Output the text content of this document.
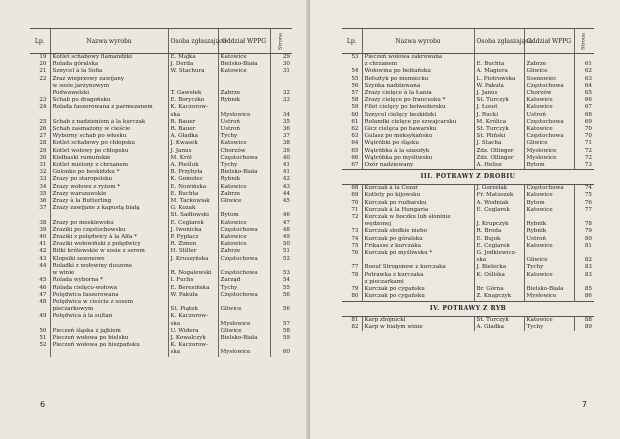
Lp.	Nazwa wyrobu	Osoba zgłaszająca	Oddział WPPG	Strona
19	Kotlet schabowy flamandzki	E. Majka	Katowice	29
20	Rolada góralska	J. Derda	Bielsko-Biała	30
21	Sznycel à la Sofia	W. Stachura	Katowice	31
22	Zraz wieprzowy zawijany			
	w sosie jarzynowym			
	Podwawelski	T. Gawełek	Zabrze	32
23	Schab po dragońsku	E. Boryczko	Rybnik	33
24	Rolada faszerowana z parmezanem	K. Kaczorow-		
		ska	Mysłowice	34
25	Schab z nadzieniem à la kurczak	R. Bauer	Ustroń	35
26	Schab zasmażony w cieście	R. Bauer	Ustroń	36
27	Wyborny schab po włosku	A. Gładka	Tychy	37
28	Kotlet schabowy po chłopsku	J. Kwasek	Katowice	38
29	Kotlet wołowy po chłopsku	J. Janus	Chorzów	39
30	Kiełbaski rumuńskie	M. Król	Częstochowa	40
31	Kotlet mielony z chrzanem	A. Pieśluk	Tychy	41
32	Golonko po beskidzku *	B. Przybyła	Bielsko-Biała	41
33	Zrazy po staropolsku	K. Gomolec	Rybnik	42
34	Zrazy wołowe z ryżem *	E. Nowińska	Katowice	43
35	Zrazy warszawskie	E. Buchta	Zabrze	44
36	Zrazy à la Butterling	M. Tackowiak	Gliwice	45
37	Zrazy zawijane z kapustą białą	G. Kozak		
		St. Sadłowski	Bytom	46
38	Zrazy po moskiewsku	E. Ceglarek	Katowice	47
39	Zraziki po częstochowsku	J. Iwonicka	Częstochowa	48
40	Zraziki z polędwicy à la Alfa *	P. Pypłacz	Katowice	49
41	Zraziki wołowiński z polędwicy	R. Zimon	Katowice	50
42	Bitki królewskie w sosie z serem	H. Stiller	Zabrze	51
43	Klopsiki sezonowe	J. Kruszyńska	Częstochowa	52
44	Roladki z wołowiny duszone			
	w winie	R. Nogalewski	Częstochowa	53
45	Rolada wyborna *	I. Fuchs	Zarząd	54
46	Rolada cielęco-wołowa	E. Beresińska	Tychy	55
47	Polędwica faszerowana	W. Pakuła	Częstochowa	56
48	Polędwica w cieście z sosem			
	pieczarkowym	St. Piątek	Gliwice	56
49	Polędwica à la sultan	K. Kaczorow-		
		ska	Mysłowice	57
50	Pieczeń śląska z jajkiem	U. Widera	Gliwice	58
51	Pieczeń wołowa po bielsku	J. Kowalczyk	Bielsko-Biała	59
52	Pieczeń wołowa po hiszpańsku	K. Kaczorow-		
		ska	Mysłowice	60
6
Lp.	Nazwa wyrobu	Osoba zgłaszająca	Oddział WPPG	Strona
53	Pieczeń wołowa zakrowana			
	z chrzanem	E. Buchta	Zabrze	61
54	Wołowina po bełżańsku	A. Magiera	Gliwice	62
55	Befsztyk po niemiecku	L. Piotrowska	Sosnowiec	63
56	Szynka nadziewana	W. Pakuła	Częstochowa	64
57	Zrazy cielęce à la Łania	J. Janus	Chorzów	65
58	Zrazy cielęce po francusku *	St. Turczyk	Katowice	66
59	Filet cielęcy po bełwedersku	J. Łosot	Katowice	67
60	Sznycel cielęcy beskidzki	J. Rucki	Ustroń	68
61	Rolandki cielęce po szwajcarsku	M. Królica	Częstochowa	69
62	Gicz cielęca po bawarsku	St. Turczyk	Katowice	70
63	Gulasz po meksykańsku	St. Pliński	Częstochowa	70
64	Wątróbki po śląsku	J. Stacha	Gliwice	71
65	Wątróbka à la szaszłyk	Zdz. Ollinger	Mysłowice	72
66	Wątróbka po myśliwsku	Zdz. Ollinger	Mysłowice	72
67	Ozór nadziewany	A. Helisz	Bytom	73
III. POTRAWY Z DROBIU				
68	Kurczak à la Cezar	J. Gorzelak	Częstochowa	74
69	Kotlety po kijowsku	Fr. Matuszek	Katowice	75
70	Kurczak po rozbarsku	A. Wodniak	Bytom	76
71	Kurczak à la Hungaria	E. Ceglarek	Katowice	77
72	Kurczak w boczku lub słoninie			
	wędzonej	J. Krupczyk	Rybnik	78
73	Kurczak słodkie niebo	R. Broda	Rybnik	79
74	Kurczak po góralsku	E. Bujok	Ustroń	80
75	Frikasse z kurczaka	E. Ceglarek	Katowice	81
76	Kurczak po myśliwsku *	G. Jodkiewicz-		
		ska	Gliwice	82
77	Boeuf Strogonow z kurczaka	J. Bielecka	Tychy	83
78	Potrawka z kurczaka	K. Ośliśka	Katowice	83
	z pieczarkami			
79	Kurczak po cygańsku	Br. Górna	Bielsko-Biała	85
80	Kurczak po cygańsku	Z. Knapczyk	Mysłowice	86
IV. POTRAWY Z RYB				
81	Karp zbójnicki	St. Turczyk	Katowice	88
82	Karp w białym winie	A. Gładka	Tychy	89
7
